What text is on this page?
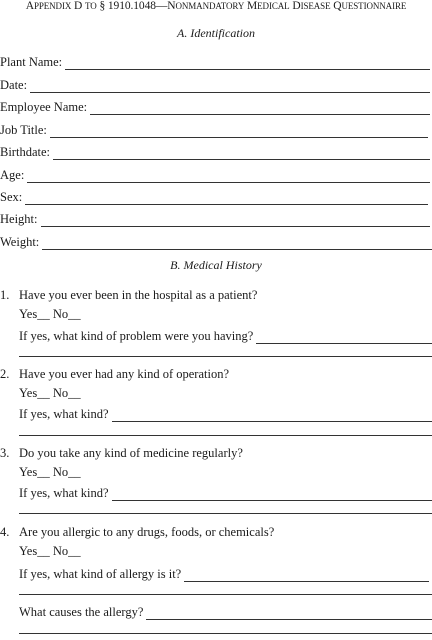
APPENDIX D TO § 1910.1048—NONMANDATORY MEDICAL DISEASE QUESTIONNAIRE
A. Identification
Plant Name:
Date:
Employee Name:
Job Title:
Birthdate:
Age:
Sex:
Height:
Weight:
B. Medical History
1. Have you ever been in the hospital as a patient?
Yes__ No__
If yes, what kind of problem were you having?
2. Have you ever had any kind of operation?
Yes__ No__
If yes, what kind?
3. Do you take any kind of medicine regularly?
Yes__ No__
If yes, what kind?
4. Are you allergic to any drugs, foods, or chemicals?
Yes__ No__
If yes, what kind of allergy is it?
What causes the allergy?
